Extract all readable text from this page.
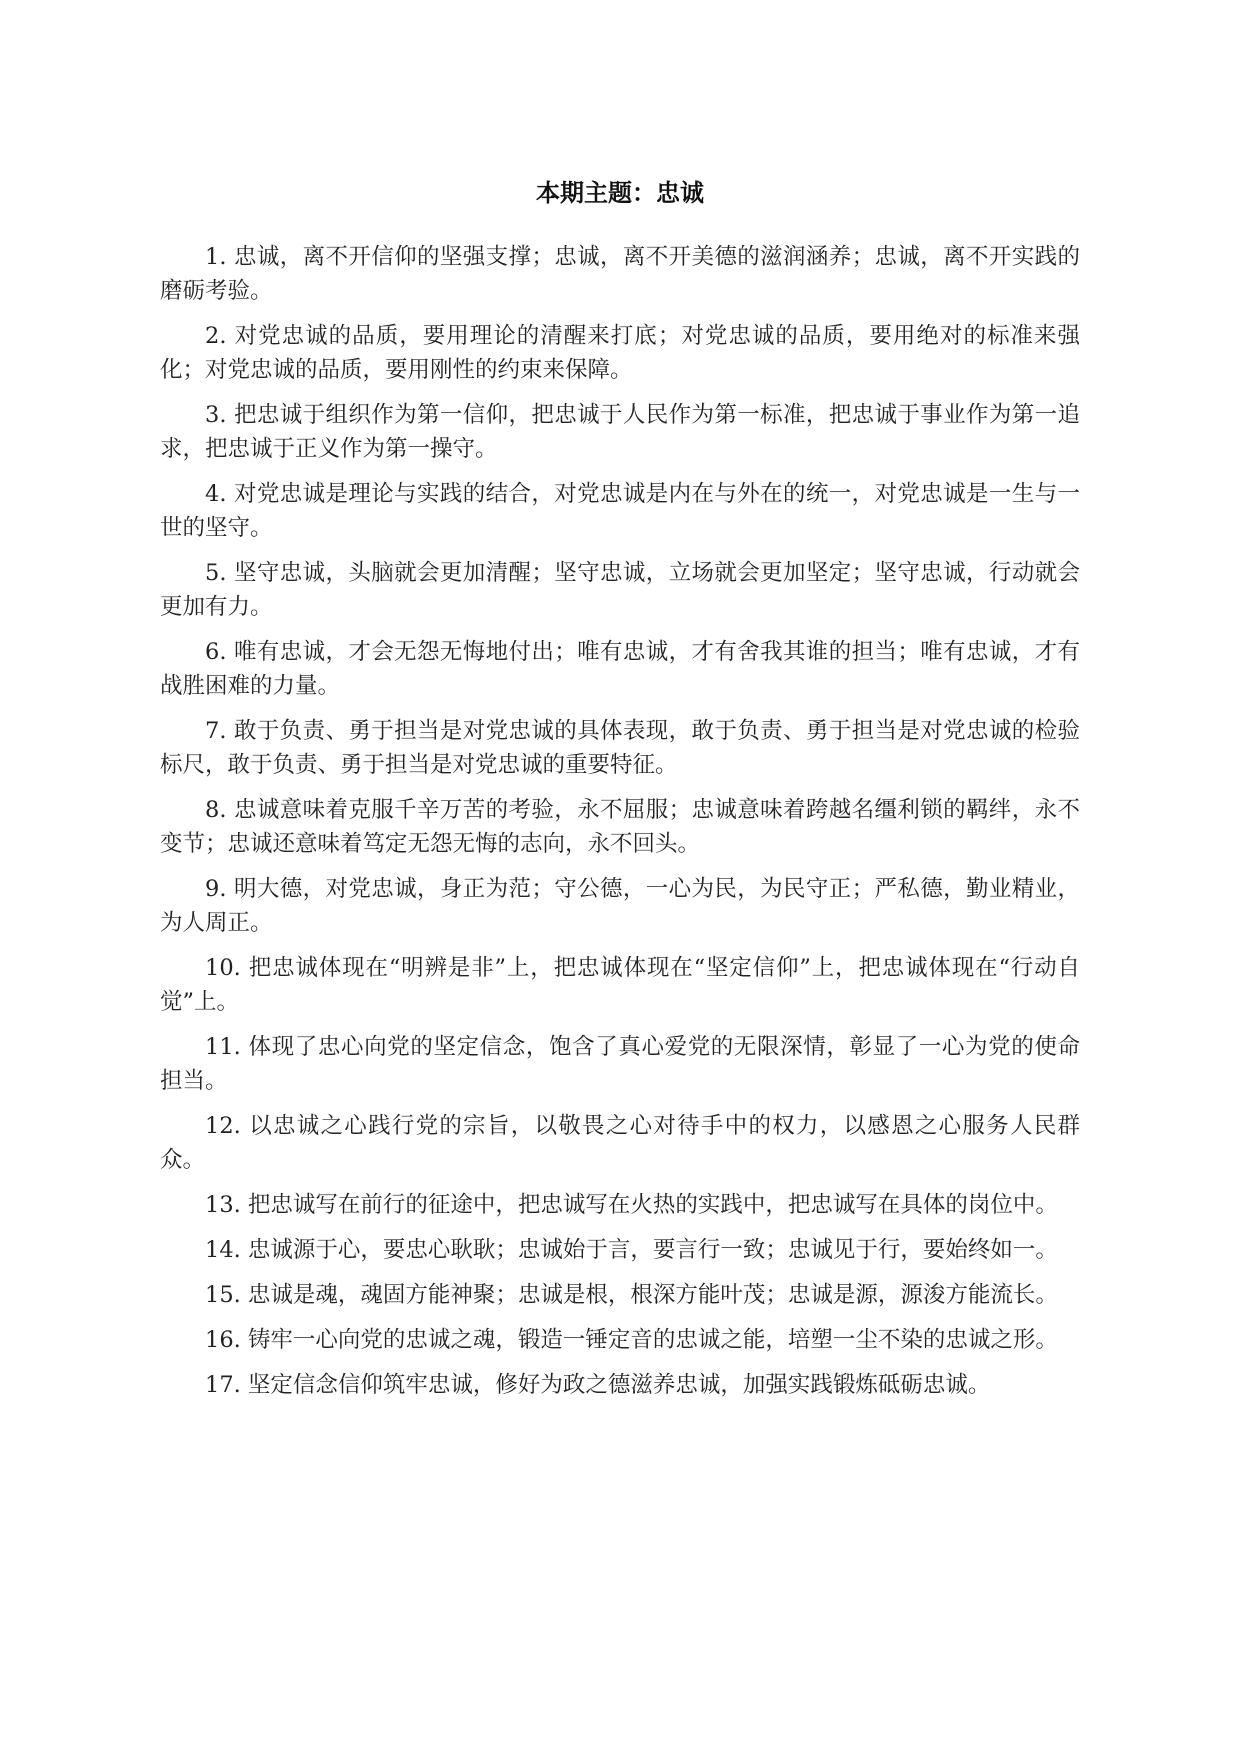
本期主题：忠诚
1. 忠诚，离不开信仰的坚强支撑；忠诚，离不开美德的滋润涵养；忠诚，离不开实践的磨砺考验。
2. 对党忠诚的品质，要用理论的清醒来打底；对党忠诚的品质，要用绝对的标准来强化；对党忠诚的品质，要用刚性的约束来保障。
3. 把忠诚于组织作为第一信仰，把忠诚于人民作为第一标准，把忠诚于事业作为第一追求，把忠诚于正义作为第一操守。
4. 对党忠诚是理论与实践的结合，对党忠诚是内在与外在的统一，对党忠诚是一生与一世的坚守。
5. 坚守忠诚，头脑就会更加清醒；坚守忠诚，立场就会更加坚定；坚守忠诚，行动就会更加有力。
6. 唯有忠诚，才会无怨无悔地付出；唯有忠诚，才有舍我其谁的担当；唯有忠诚，才有战胜困难的力量。
7. 敢于负责、勇于担当是对党忠诚的具体表现，敢于负责、勇于担当是对党忠诚的检验标尺，敢于负责、勇于担当是对党忠诚的重要特征。
8. 忠诚意味着克服千辛万苦的考验，永不屈服；忠诚意味着跨越名缰利锁的羁绊，永不变节；忠诚还意味着笃定无怨无悔的志向，永不回头。
9. 明大德，对党忠诚，身正为范；守公德，一心为民，为民守正；严私德，勤业精业，为人周正。
10. 把忠诚体现在“明辨是非”上，把忠诚体现在“坚定信仰”上，把忠诚体现在“行动自觉”上。
11. 体现了忠心向党的坚定信念，饱含了真心爱党的无限深情，彰显了一心为党的使命担当。
12. 以忠诚之心践行党的宗旨，以敬畏之心对待手中的权力，以感恩之心服务人民群众。
13. 把忠诚写在前行的征途中，把忠诚写在火热的实践中，把忠诚写在具体的岗位中。
14. 忠诚源于心，要忠心耿耿；忠诚始于言，要言行一致；忠诚见于行，要始终如一。
15. 忠诚是魂，魂固方能神聚；忠诚是根，根深方能叶茂；忠诚是源，源浚方能流长。
16. 铸牢一心向党的忠诚之魂，锻造一锤定音的忠诚之能，培塑一尘不染的忠诚之形。
17. 坚定信念信仰筑牢忠诚，修好为政之德滋养忠诚，加强实践锻炼砥砺忠诚。
